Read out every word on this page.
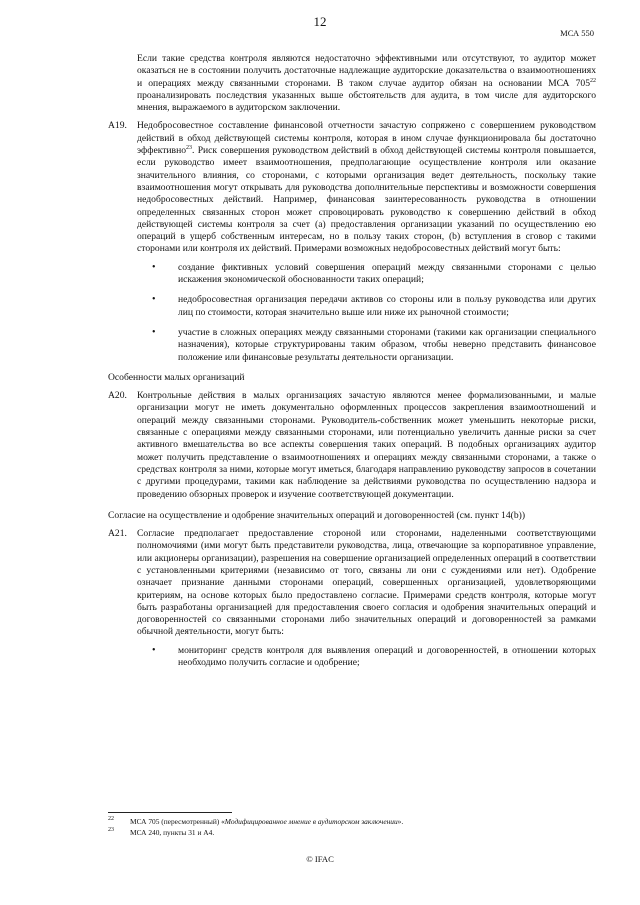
12
МСА 550
Если такие средства контроля являются недостаточно эффективными или отсутствуют, то аудитор может оказаться не в состоянии получить достаточные надлежащие аудиторские доказательства о взаимоотношениях и операциях между связанными сторонами. В таком случае аудитор обязан на основании МСА $705^{22}$ проанализировать последствия указанных выше обстоятельств для аудита, в том числе для аудиторского мнения, выражаемого в аудиторском заключении.
A19. Недобросовестное составление финансовой отчетности зачастую сопряжено с совершением руководством действий в обход действующей системы контроля, которая в ином случае функционировала бы достаточно эффективно$^{23}$. Риск совершения руководством действий в обход действующей системы контроля повышается, если руководство имеет взаимоотношения, предполагающие осуществление контроля или оказание значительного влияния, со сторонами, с которыми организация ведет деятельность, поскольку такие взаимоотношения могут открывать для руководства дополнительные перспективы и возможности совершения недобросовестных действий. Например, финансовая заинтересованность руководства в отношении определенных связанных сторон может спровоцировать руководство к совершению действий в обход действующей системы контроля за счет (a) предоставления организации указаний по осуществлению ею операций в ущерб собственным интересам, но в пользу таких сторон, (b) вступления в сговор с такими сторонами или контроля их действий. Примерами возможных недобросовестных действий могут быть:
• создание фиктивных условий совершения операций между связанными сторонами с целью искажения экономической обоснованности таких операций;
• недобросовестная организация передачи активов со стороны или в пользу руководства или других лиц по стоимости, которая значительно выше или ниже их рыночной стоимости;
• участие в сложных операциях между связанными сторонами (такими как организации специального назначения), которые структурированы таким образом, чтобы неверно представить финансовое положение или финансовые результаты деятельности организации.
Особенности малых организаций
A20. Контрольные действия в малых организациях зачастую являются менее формализованными, и малые организации могут не иметь документально оформленных процессов закрепления взаимоотношений и операций между связанными сторонами. Руководитель-собственник может уменьшить некоторые риски, связанные с операциями между связанными сторонами, или потенциально увеличить данные риски за счет активного вмешательства во все аспекты совершения таких операций. В подобных организациях аудитор может получить представление о взаимоотношениях и операциях между связанными сторонами, а также о средствах контроля за ними, которые могут иметься, благодаря направлению руководству запросов в сочетании с другими процедурами, такими как наблюдение за действиями руководства по осуществлению надзора и проведению обзорных проверок и изучение соответствующей документации.
Согласие на осуществление и одобрение значительных операций и договоренностей (см. пункт 14(b))
A21. Согласие предполагает предоставление стороной или сторонами, наделенными соответствующими полномочиями (ими могут быть представители руководства, лица, отвечающие за корпоративное управление, или акционеры организации), разрешения на совершение организацией определенных операций в соответствии с установленными критериями (независимо от того, связаны ли они с суждениями или нет). Одобрение означает признание данными сторонами операций, совершенных организацией, удовлетворяющими критериям, на основе которых было предоставлено согласие. Примерами средств контроля, которые могут быть разработаны организацией для предоставления своего согласия и одобрения значительных операций и договоренностей со связанными сторонами либо значительных операций и договоренностей за рамками обычной деятельности, могут быть:
• мониторинг средств контроля для выявления операций и договоренностей, в отношении которых необходимо получить согласие и одобрение;
22 МСА 705 (пересмотренный) «Модифицированное мнение в аудиторском заключении».
23 МСА 240, пункты 31 и А4.
© IFAC
